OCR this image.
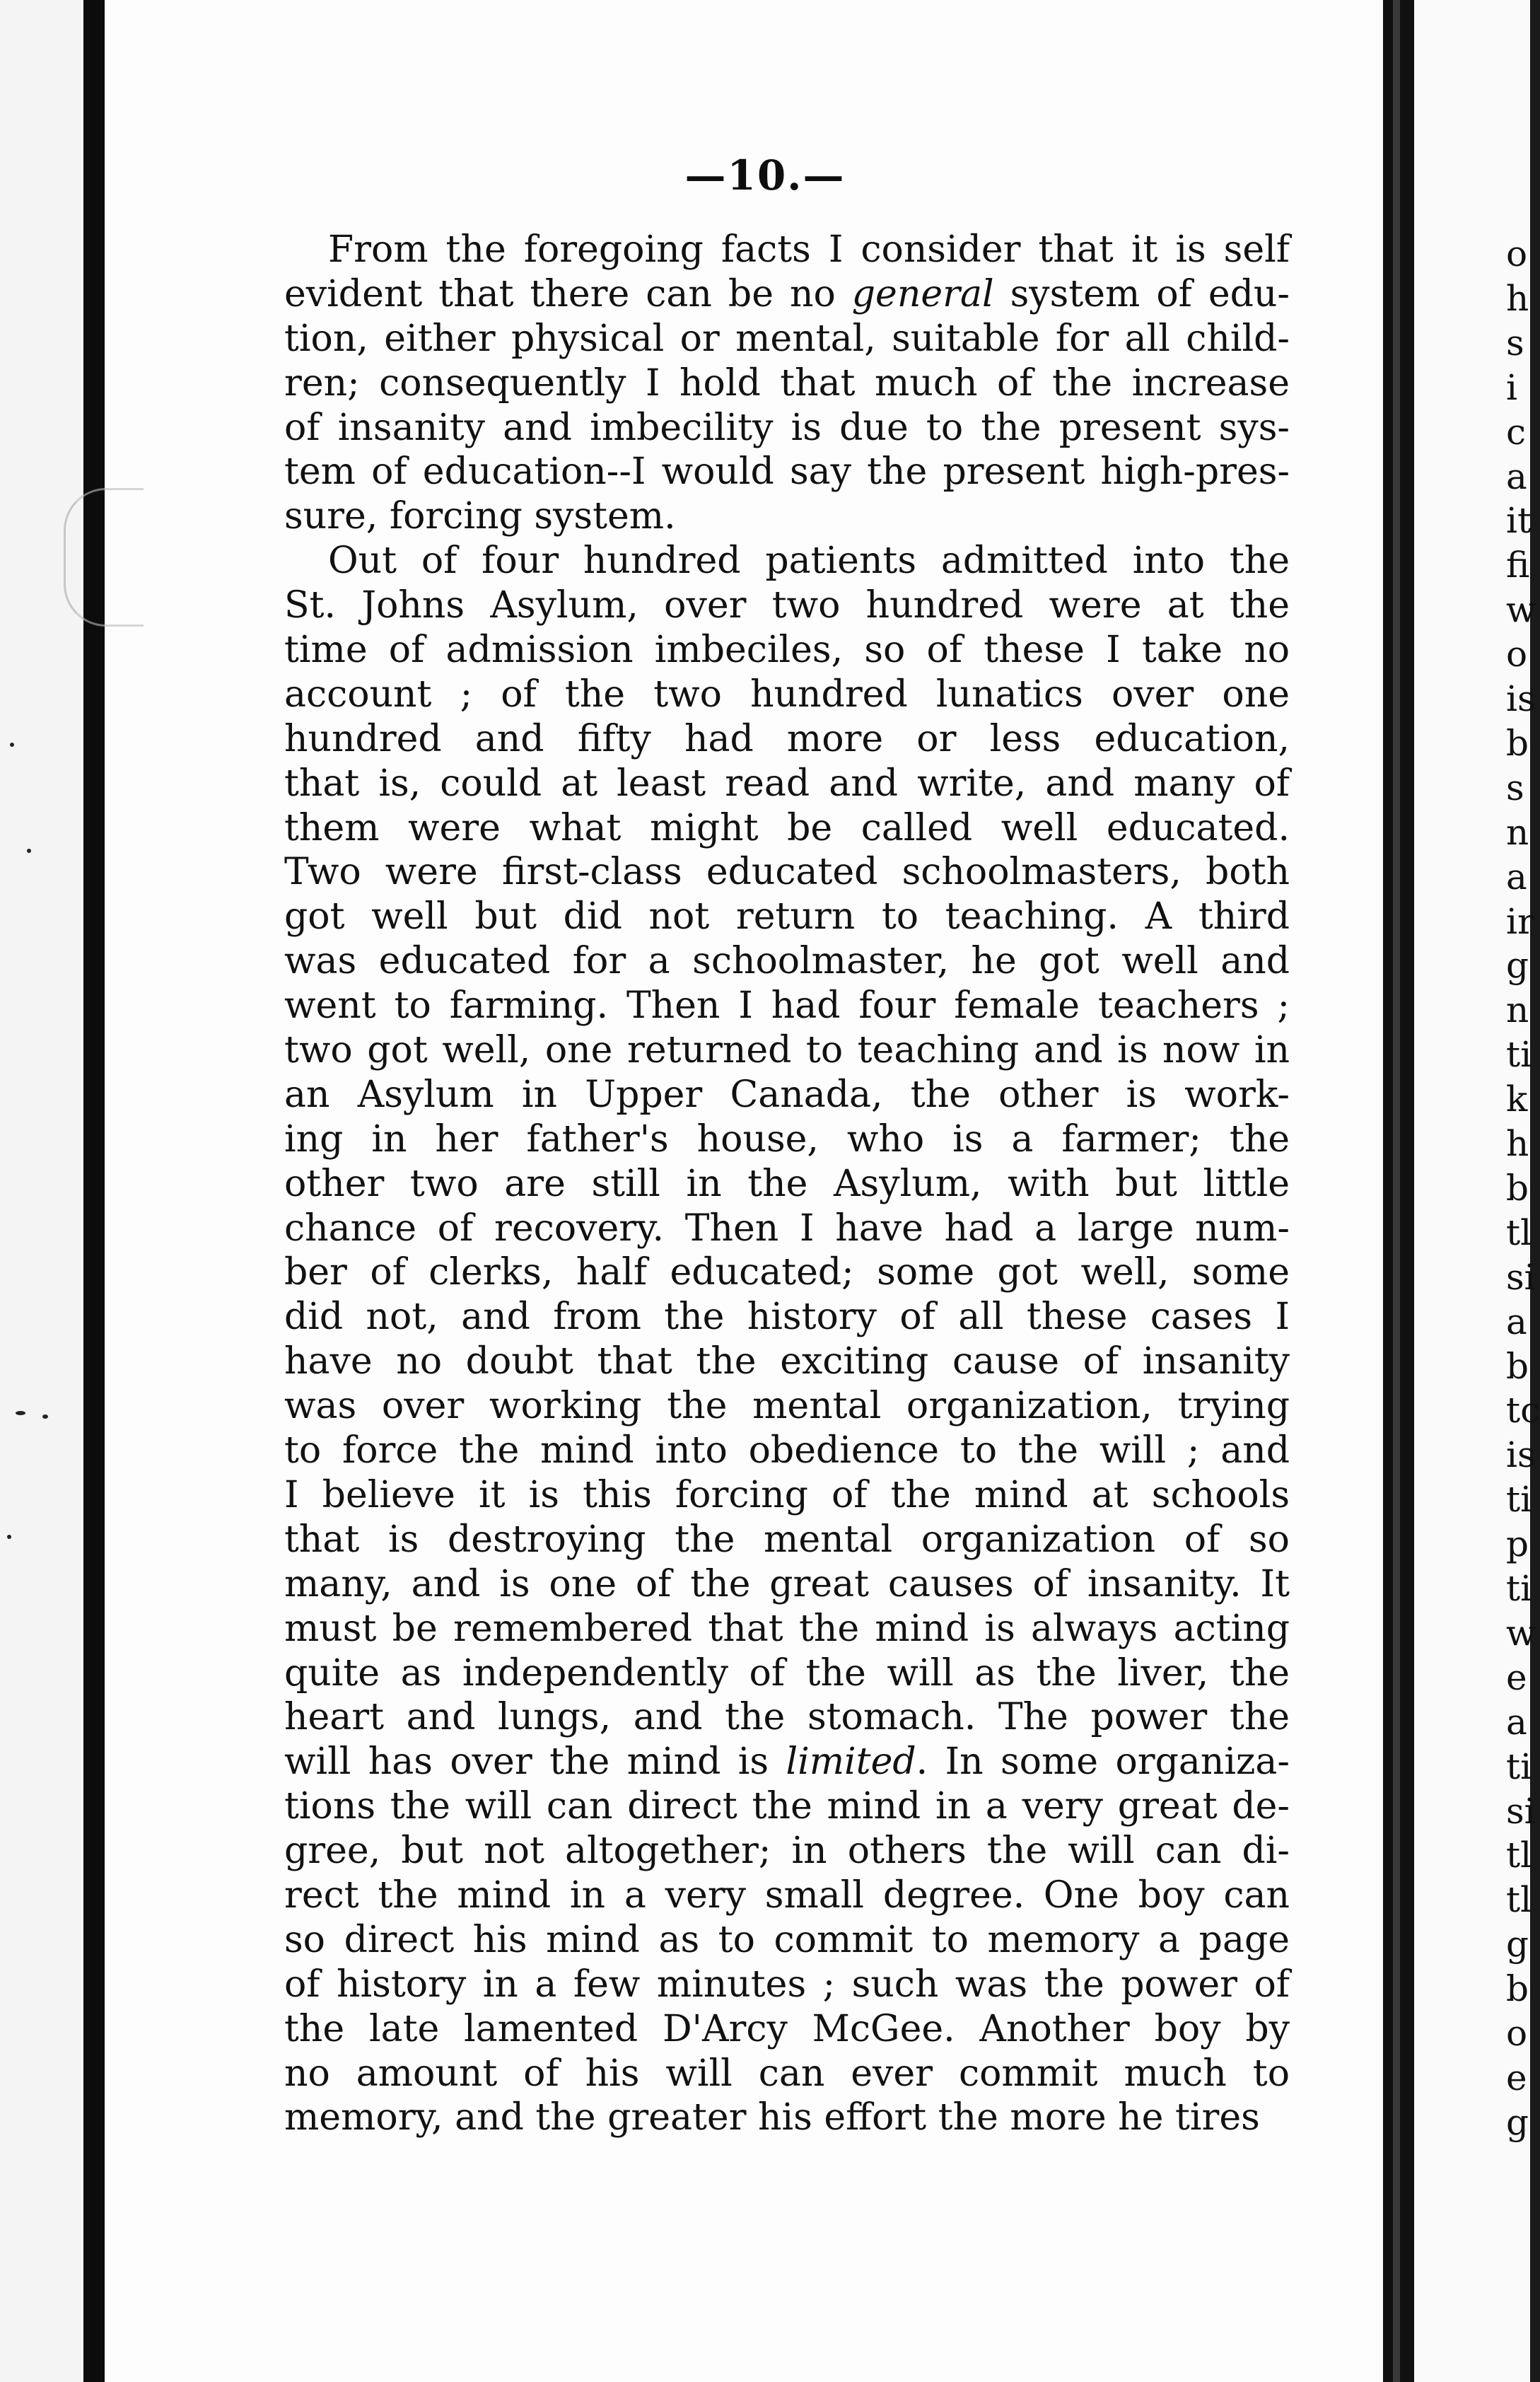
—10.—
From the foregoing facts I consider that it is self
evident that there can be no general system of edu-
tion, either physical or mental, suitable for all child-
ren; consequently I hold that much of the increase
of insanity and imbecility is due to the present sys-
tem of education--I would say the present high-pres-
sure, forcing system.
Out of four hundred patients admitted into the
St. Johns Asylum, over two hundred were at the
time of admission imbeciles, so of these I take no
account ; of the two hundred lunatics over one
hundred and fifty had more or less education,
that is, could at least read and write, and many of
them were what might be called well educated.
Two were first-class educated schoolmasters, both
got well but did not return to teaching. A third
was educated for a schoolmaster, he got well and
went to farming. Then I had four female teachers ;
two got well, one returned to teaching and is now in
an Asylum in Upper Canada, the other is work-
ing in her father's house, who is a farmer; the
other two are still in the Asylum, with but little
chance of recovery. Then I have had a large num-
ber of clerks, half educated; some got well, some
did not, and from the history of all these cases I
have no doubt that the exciting cause of insanity
was over working the mental organization, trying
to force the mind into obedience to the will ; and
I believe it is this forcing of the mind at schools
that is destroying the mental organization of so
many, and is one of the great causes of insanity. It
must be remembered that the mind is always acting
quite as independently of the will as the liver, the
heart and lungs, and the stomach. The power the
will has over the mind is limited. In some organiza-
tions the will can direct the mind in a very great de-
gree, but not altogether; in others the will can di-
rect the mind in a very small degree. One boy can
so direct his mind as to commit to memory a page
of history in a few minutes ; such was the power of
the late lamented D'Arcy McGee. Another boy by
no amount of his will can ever commit much to
memory, and the greater his effort the more he tires
o
h
s
i
c
a
it
fi
w
o
is
b
s
n
a
ir
g
n
ti
k
h
b
tl
si
a
b
tc
is
ti
p
ti
w
e
a
ti
si
tl
tl
g
b
o
e
g
